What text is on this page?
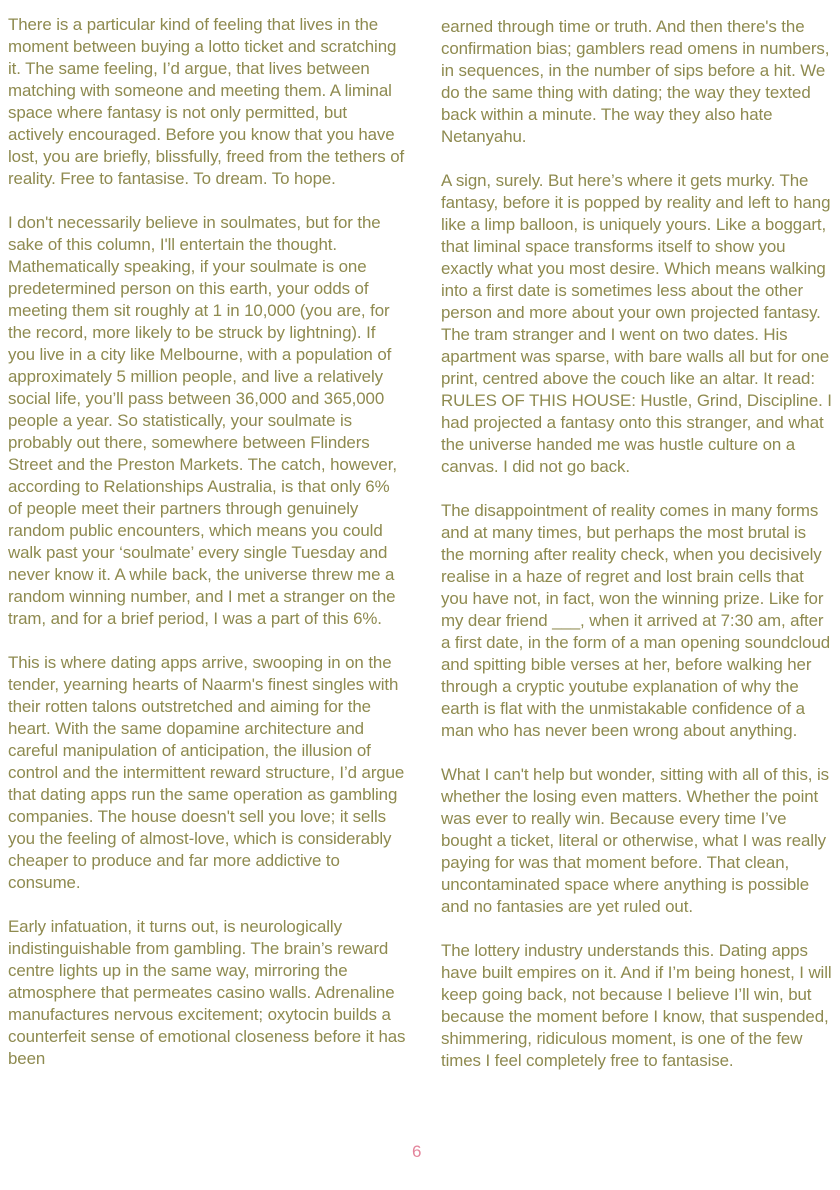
There is a particular kind of feeling that lives in the moment between buying a lotto ticket and scratching it. The same feeling, I’d argue, that lives between matching with someone and meeting them. A liminal space where fantasy is not only permitted, but actively encouraged. Before you know that you have lost, you are briefly, blissfully, freed from the tethers of reality. Free to fantasise. To dream. To hope.

I don't necessarily believe in soulmates, but for the sake of this column, I'll entertain the thought. Mathematically speaking, if your soulmate is one predetermined person on this earth, your odds of meeting them sit roughly at 1 in 10,000 (you are, for the record, more likely to be struck by lightning). If you live in a city like Melbourne, with a population of approximately 5 million people, and live a relatively social life, you’ll pass between 36,000 and 365,000 people a year. So statistically, your soulmate is probably out there, somewhere between Flinders Street and the Preston Markets. The catch, however, according to Relationships Australia, is that only 6% of people meet their partners through genuinely random public encounters, which means you could walk past your ‘soulmate’ every single Tuesday and never know it. A while back, the universe threw me a random winning number, and I met a stranger on the tram, and for a brief period, I was a part of this 6%.

This is where dating apps arrive, swooping in on the tender, yearning hearts of Naarm's finest singles with their rotten talons outstretched and aiming for the heart. With the same dopamine architecture and careful manipulation of anticipation, the illusion of control and the intermittent reward structure, I’d argue that dating apps run the same operation as gambling companies. The house doesn't sell you love; it sells you the feeling of almost-love, which is considerably cheaper to produce and far more addictive to consume.

Early infatuation, it turns out, is neurologically indistinguishable from gambling. The brain’s reward centre lights up in the same way, mirroring the atmosphere that permeates casino walls. Adrenaline manufactures nervous excitement; oxytocin builds a counterfeit sense of emotional closeness before it has been

earned through time or truth. And then there's the confirmation bias; gamblers read omens in numbers, in sequences, in the number of sips before a hit. We do the same thing with dating; the way they texted back within a minute. The way they also hate Netanyahu.

A sign, surely. But here’s where it gets murky. The fantasy, before it is popped by reality and left to hang like a limp balloon, is uniquely yours. Like a boggart, that liminal space transforms itself to show you exactly what you most desire. Which means walking into a first date is sometimes less about the other person and more about your own projected fantasy. The tram stranger and I went on two dates. His apartment was sparse, with bare walls all but for one print, centred above the couch like an altar. It read: RULES OF THIS HOUSE: Hustle, Grind, Discipline. I had projected a fantasy onto this stranger, and what the universe handed me was hustle culture on a canvas. I did not go back.

The disappointment of reality comes in many forms and at many times, but perhaps the most brutal is the morning after reality check, when you decisively realise in a haze of regret and lost brain cells that you have not, in fact, won the winning prize. Like for my dear friend ___, when it arrived at 7:30 am, after a first date, in the form of a man opening soundcloud and spitting bible verses at her, before walking her through a cryptic youtube explanation of why the earth is flat with the unmistakable confidence of a man who has never been wrong about anything.

What I can't help but wonder, sitting with all of this, is whether the losing even matters. Whether the point was ever to really win. Because every time I’ve bought a ticket, literal or otherwise, what I was really paying for was that moment before. That clean, uncontaminated space where anything is possible and no fantasies are yet ruled out.

The lottery industry understands this. Dating apps have built empires on it. And if I’m being honest, I will keep going back, not because I believe I’ll win, but because the moment before I know, that suspended, shimmering, ridiculous moment, is one of the few times I feel completely free to fantasise.

6
